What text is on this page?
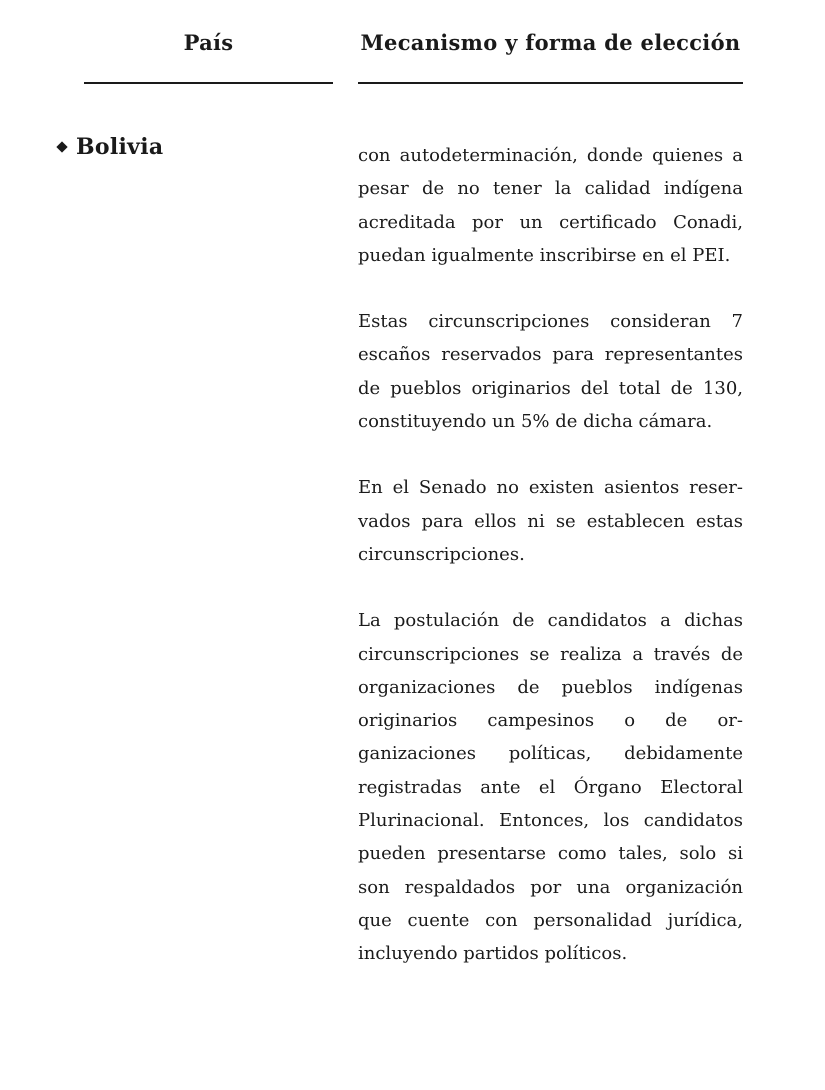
País	Mecanismo y forma de elección
Bolivia	con autodeterminación, donde quienes a pesar de no tener la calidad indígena acreditada por un certificado Conadi, puedan igualmente inscribirse en el PEI.

Estas circunscripciones consideran 7 escaños reservados para representantes de pueblos originarios del total de 130, constituyendo un 5% de dicha cámara.

En el Senado no existen asientos reservados para ellos ni se establecen estas circunscripciones.

La postulación de candidatos a dichas circunscripciones se realiza a través de organizaciones de pueblos indígenas originarios campesinos o de organizaciones políticas, debidamente registradas ante el Órgano Electoral Plurinacional. Entonces, los candidatos pueden presentarse como tales, solo si son respaldados por una organización que cuente con personalidad jurídica, incluyendo partidos políticos.
